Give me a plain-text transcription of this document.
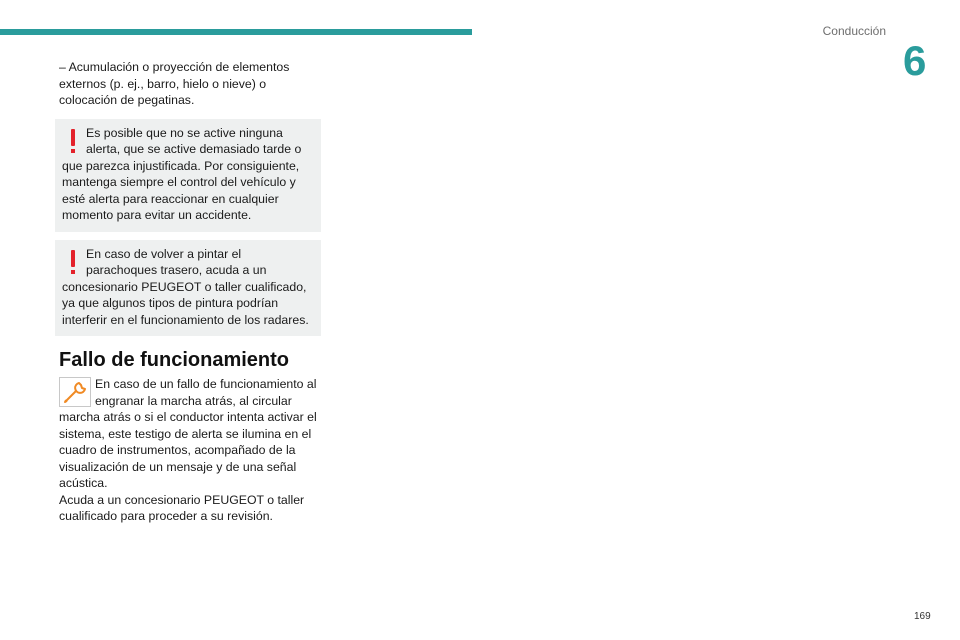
Conducción
6

– Acumulación o proyección de elementos externos (p. ej., barro, hielo o nieve) o colocación de pegatinas.

Es posible que no se active ninguna alerta, que se active demasiado tarde o que parezca injustificada. Por consiguiente, mantenga siempre el control del vehículo y esté alerta para reaccionar en cualquier momento para evitar un accidente.

En caso de volver a pintar el parachoques trasero, acuda a un concesionario PEUGEOT o taller cualificado, ya que algunos tipos de pintura podrían interferir en el funcionamiento de los radares.

Fallo de funcionamiento

En caso de un fallo de funcionamiento al engranar la marcha atrás, al circular marcha atrás o si el conductor intenta activar el sistema, este testigo de alerta se ilumina en el cuadro de instrumentos, acompañado de la visualización de un mensaje y de una señal acústica.

Acuda a un concesionario PEUGEOT o taller cualificado para proceder a su revisión.

169
